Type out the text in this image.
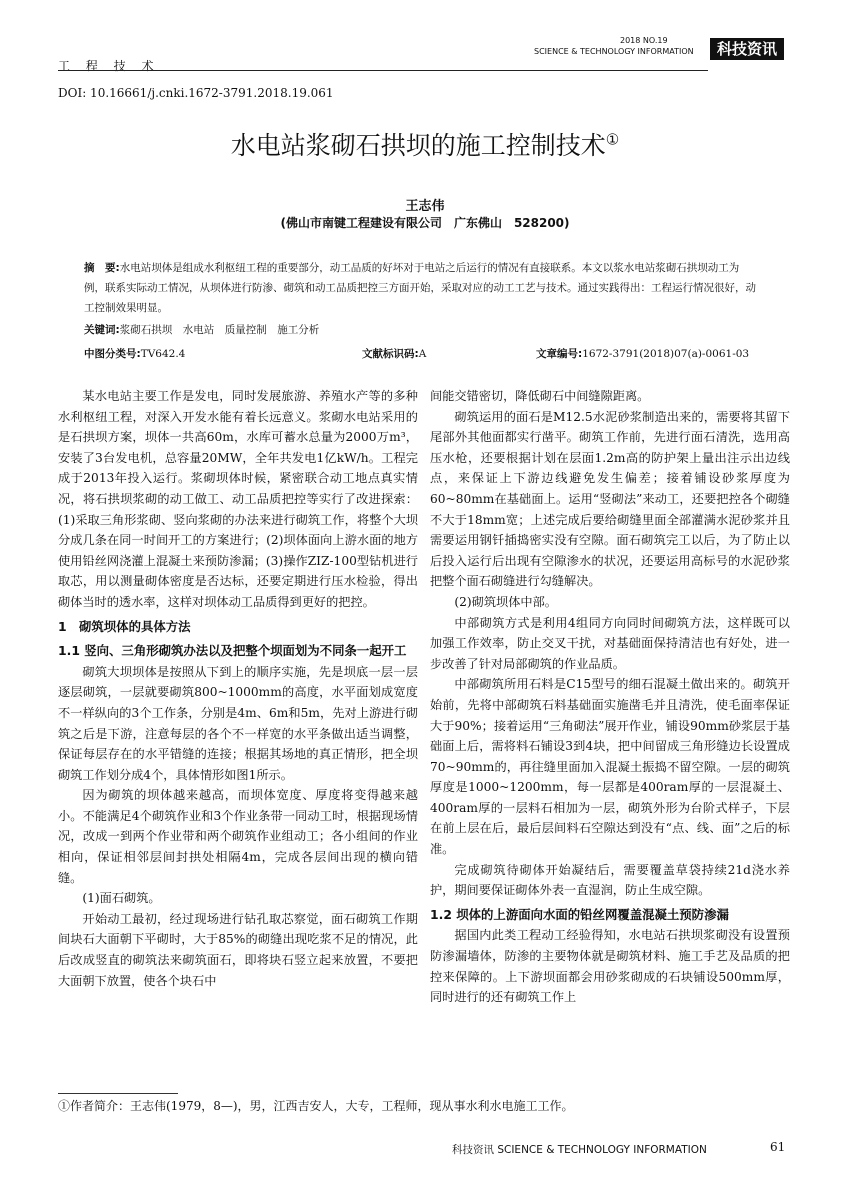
工 程 技 术
2018 NO.19
SCIENCE & TECHNOLOGY INFORMATION	科技资讯
DOI: 10.16661/j.cnki.1672-3791.2018.19.061
水电站浆砌石拱坝的施工控制技术①
王志伟
(佛山市南键工程建设有限公司　广东佛山　528200)
摘　要:水电站坝体是组成水利枢纽工程的重要部分，动工品质的好坏对于电站之后运行的情况有直接联系。本文以浆水电站浆砌石拱坝动工为例，联系实际动工情况，从坝体进行防渗、砌筑和动工品质把控三方面开始，采取对应的动工工艺与技术。通过实践得出：工程运行情况很好，动工控制效果明显。
关键词:浆砌石拱坝　水电站　质量控制　施工分析
中图分类号:TV642.4	文献标识码:A	文章编号:1672-3791(2018)07(a)-0061-03

某水电站主要工作是发电，同时发展旅游、养殖水产等的多种水利枢纽工程，对深入开发水能有着长远意义。浆砌水电站采用的是石拱坝方案，坝体一共高60m，水库可蓄水总量为2000万m³，安装了3台发电机，总容量20MW，全年共发电1亿kW/h。工程完成于2013年投入运行。浆砌坝体时候，紧密联合动工地点真实情况，将石拱坝浆砌的动工做工、动工品质把控等实行了改进探索：(1)采取三角形浆砌、竖向浆砌的办法来进行砌筑工作，将整个大坝分成几条在同一时间开工的方案进行；(2)坝体面向上游水面的地方使用铅丝网浇灌上混凝土来预防渗漏；(3)操作ZIZ-100型钻机进行取芯，用以测量砌体密度是否达标，还要定期进行压水检验，得出砌体当时的透水率，这样对坝体动工品质得到更好的把控。

1　砌筑坝体的具体方法
1.1 竖向、三角形砌筑办法以及把整个坝面划为不同条一起开工

砌筑大坝坝体是按照从下到上的顺序实施，先是坝底一层一层逐层砌筑，一层就要砌筑800~1000mm的高度，水平面划成宽度不一样纵向的3个工作条，分别是4m、6m和5m，先对上游进行砌筑之后是下游，注意每层的各个不一样宽的水平条做出适当调整，保证每层存在的水平错缝的连接；根据其场地的真正情形，把全坝砌筑工作划分成4个，具体情形如图1所示。

因为砌筑的坝体越来越高，而坝体宽度、厚度将变得越来越小。不能满足4个砌筑作业和3个作业条带一同动工时，根据现场情况，改成一到两个作业带和两个砌筑作业组动工；各小组间的作业相向，保证相邻层间封拱处相隔4m，完成各层间出现的横向错缝。

(1)面石砌筑。

开始动工最初，经过现场进行钻孔取芯察觉，面石砌筑工作期间块石大面朝下平砌时，大于85%的砌缝出现吃浆不足的情况，此后改成竖直的砌筑法来砌筑面石，即将块石竖立起来放置，不要把大面朝下放置，使各个块石中

间能交错密切，降低砌石中间缝隙距离。

砌筑运用的面石是M12.5水泥砂浆制造出来的，需要将其留下尾部外其他面都实行凿平。砌筑工作前，先进行面石清洗，选用高压水枪，还要根据计划在层面1.2m高的防护架上量出注示出边线点，来保证上下游边线避免发生偏差；接着铺设砂浆厚度为60~80mm在基础面上。运用“竖砌法”来动工，还要把控各个砌缝不大于18mm宽；上述完成后要给砌缝里面全部灌满水泥砂浆并且需要运用钢钎插捣密实没有空隙。面石砌筑完工以后，为了防止以后投入运行后出现有空隙渗水的状况，还要运用高标号的水泥砂浆把整个面石砌缝进行勾缝解决。

(2)砌筑坝体中部。

中部砌筑方式是利用4组同方向同时间砌筑方法，这样既可以加强工作效率，防止交叉干扰，对基础面保持清洁也有好处，进一步改善了针对局部砌筑的作业品质。

中部砌筑所用石料是C15型号的细石混凝土做出来的。砌筑开始前，先将中部砌筑石料基础面实施凿毛并且清洗，使毛面率保证大于90%；接着运用“三角砌法”展开作业，铺设90mm砂浆层于基础面上后，需将料石铺设3到4块，把中间留成三角形缝边长设置成70~90mm的，再往缝里面加入混凝土振捣不留空隙。一层的砌筑厚度是1000~1200mm，每一层都是400ram厚的一层混凝土、400ram厚的一层料石相加为一层，砌筑外形为台阶式样子，下层在前上层在后，最后层间料石空隙达到没有“点、线、面”之后的标准。

完成砌筑待砌体开始凝结后，需要覆盖草袋持续21d浇水养护，期间要保证砌体外表一直湿润，防止生成空隙。

1.2 坝体的上游面向水面的铅丝网覆盖混凝土预防渗漏

据国内此类工程动工经验得知，水电站石拱坝浆砌没有设置预防渗漏墙体，防渗的主要物体就是砌筑材料、施工手艺及品质的把控来保障的。上下游坝面都会用砂浆砌成的石块铺设500mm厚，同时进行的还有砌筑工作上

①作者简介：王志伟(1979，8—)，男，江西吉安人，大专，工程师，现从事水利水电施工工作。
科技资讯 SCIENCE & TECHNOLOGY INFORMATION	61
